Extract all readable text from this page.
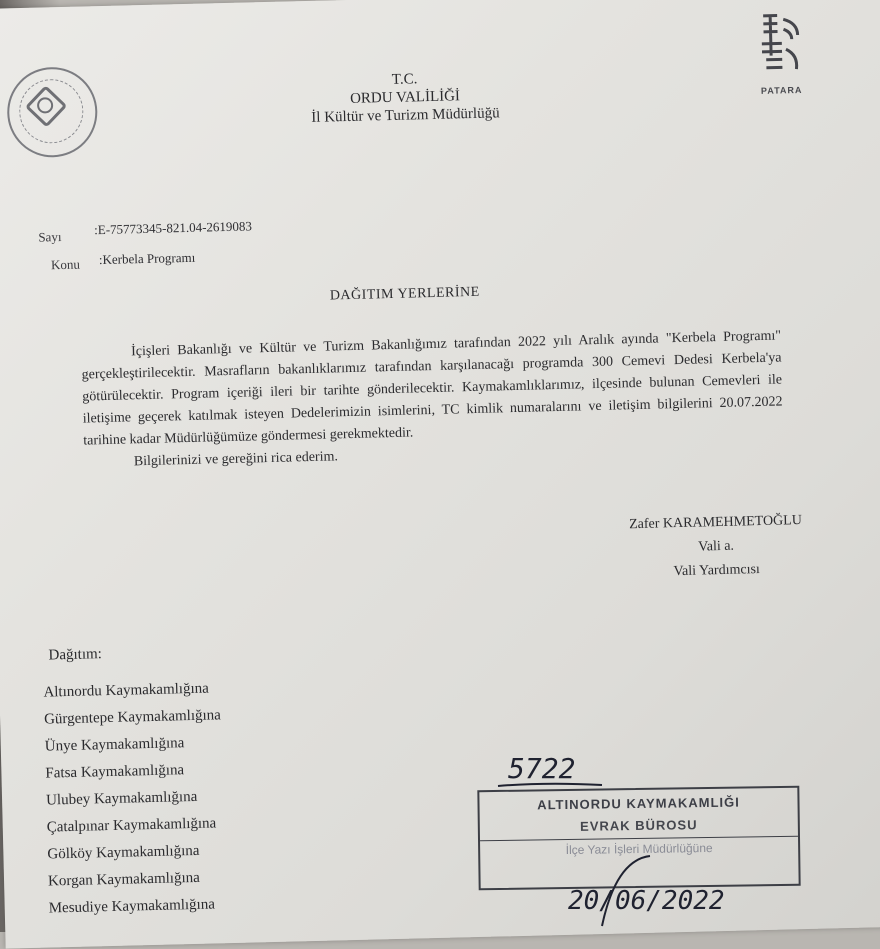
PATARA
T.C.
ORDU VALİLİĞİ
İl Kültür ve Turizm Müdürlüğü
Sayı :E-75773345-821.04-2619083
Konu :Kerbela Programı
DAĞITIM YERLERİNE

İçişleri Bakanlığı ve Kültür ve Turizm Bakanlığımız tarafından 2022 yılı Aralık ayında "Kerbela Programı" gerçekleştirilecektir. Masrafların bakanlıklarımız tarafından karşılanacağı programda 300 Cemevi Dedesi Kerbela'ya götürülecektir. Program içeriği ileri bir tarihte gönderilecektir. Kaymakamlıklarımız, ilçesinde bulunan Cemevleri ile iletişime geçerek katılmak isteyen Dedelerimizin isimlerini, TC kimlik numaralarını ve iletişim bilgilerini 20.07.2022 tarihine kadar Müdürlüğümüze göndermesi gerekmektedir.

Bilgilerinizi ve gereğini rica ederim.

Zafer KARAMEHMETOĞLU
Vali a.
Vali Yardımcısı
Dağıtım:
Altınordu Kaymakamlığına
Gürgentepe Kaymakamlığına
Ünye Kaymakamlığına
Fatsa Kaymakamlığına
Ulubey Kaymakamlığına
Çatalpınar Kaymakamlığına
Gölköy Kaymakamlığına
Korgan Kaymakamlığına
Mesudiye Kaymakamlığına
5722
ALTINORDU KAYMAKAMLIĞI
EVRAK BÜROSU
İlçe Yazı İşleri Müdürlüğüne
20/06/2022
